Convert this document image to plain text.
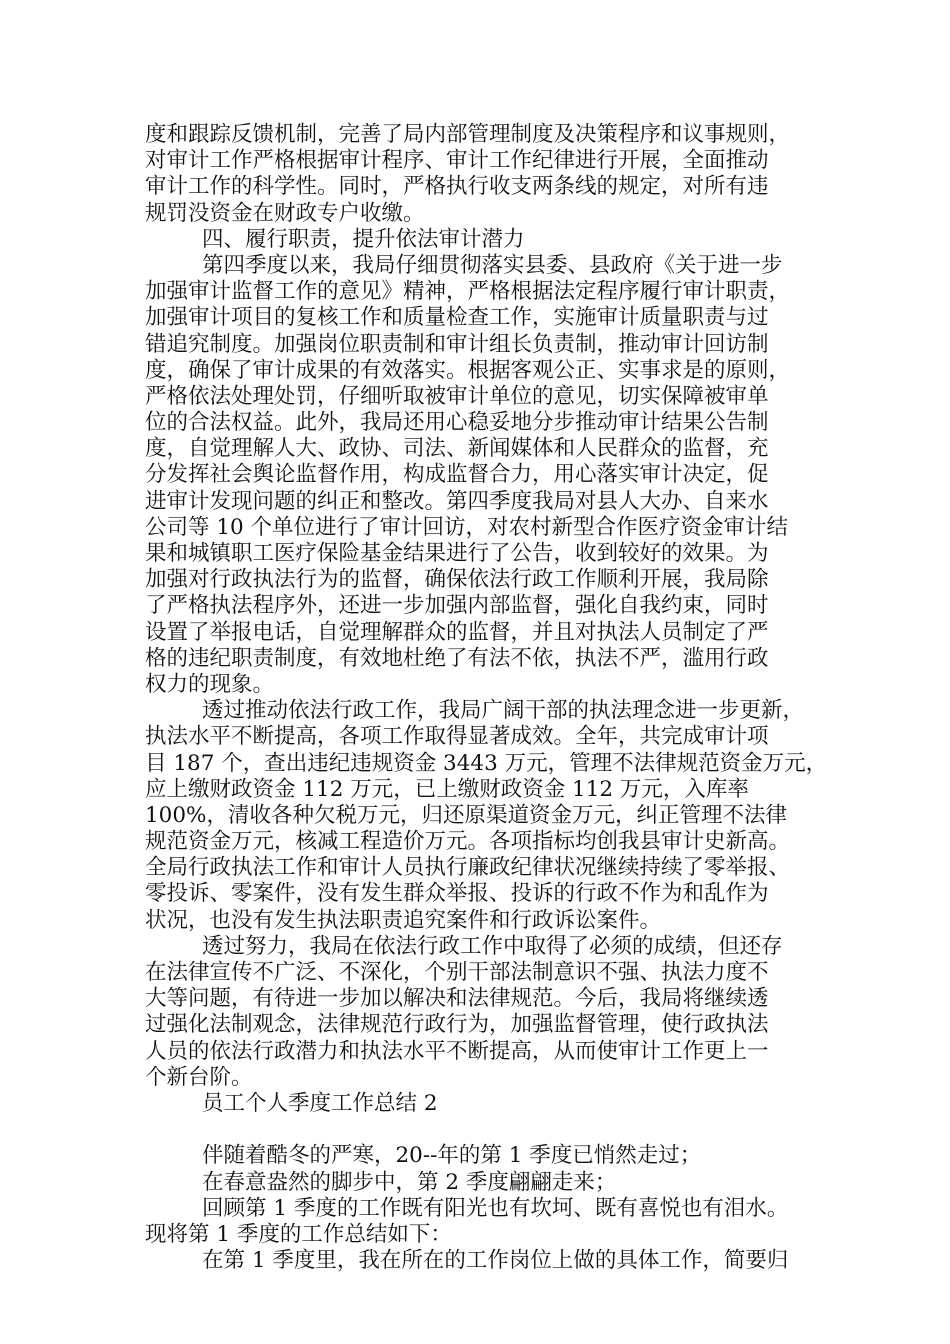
度和跟踪反馈机制，完善了局内部管理制度及决策程序和议事规则，
对审计工作严格根据审计程序、审计工作纪律进行开展，全面推动
审计工作的科学性。同时，严格执行收支两条线的规定，对所有违
规罚没资金在财政专户收缴。
四、履行职责，提升依法审计潜力
第四季度以来，我局仔细贯彻落实县委、县政府《关于进一步
加强审计监督工作的意见》精神，严格根据法定程序履行审计职责，
加强审计项目的复核工作和质量检查工作，实施审计质量职责与过
错追究制度。加强岗位职责制和审计组长负责制，推动审计回访制
度，确保了审计成果的有效落实。根据客观公正、实事求是的原则，
严格依法处理处罚，仔细听取被审计单位的意见，切实保障被审单
位的合法权益。此外，我局还用心稳妥地分步推动审计结果公告制
度，自觉理解人大、政协、司法、新闻媒体和人民群众的监督，充
分发挥社会舆论监督作用，构成监督合力，用心落实审计决定，促
进审计发现问题的纠正和整改。第四季度我局对县人大办、自来水
公司等 10 个单位进行了审计回访，对农村新型合作医疗资金审计结
果和城镇职工医疗保险基金结果进行了公告，收到较好的效果。为
加强对行政执法行为的监督，确保依法行政工作顺利开展，我局除
了严格执法程序外，还进一步加强内部监督，强化自我约束，同时
设置了举报电话，自觉理解群众的监督，并且对执法人员制定了严
格的违纪职责制度，有效地杜绝了有法不依，执法不严，滥用行政
权力的现象。
透过推动依法行政工作，我局广阔干部的执法理念进一步更新，
执法水平不断提高，各项工作取得显著成效。全年，共完成审计项
目 187 个，查出违纪违规资金 3443 万元，管理不法律规范资金万元，
应上缴财政资金 112 万元，已上缴财政资金 112 万元，入库率
100%，清收各种欠税万元，归还原渠道资金万元，纠正管理不法律
规范资金万元，核减工程造价万元。各项指标均创我县审计史新高。
全局行政执法工作和审计人员执行廉政纪律状况继续持续了零举报、
零投诉、零案件，没有发生群众举报、投诉的行政不作为和乱作为
状况，也没有发生执法职责追究案件和行政诉讼案件。
透过努力，我局在依法行政工作中取得了必须的成绩，但还存
在法律宣传不广泛、不深化，个别干部法制意识不强、执法力度不
大等问题，有待进一步加以解决和法律规范。今后，我局将继续透
过强化法制观念，法律规范行政行为，加强监督管理，使行政执法
人员的依法行政潜力和执法水平不断提高，从而使审计工作更上一
个新台阶。
员工个人季度工作总结 2
伴随着酷冬的严寒，20--年的第 1 季度已悄然走过；
在春意盎然的脚步中，第 2 季度翩翩走来；
回顾第 1 季度的工作既有阳光也有坎坷、既有喜悦也有泪水。
现将第 1 季度的工作总结如下：
在第 1 季度里，我在所在的工作岗位上做的具体工作，简要归
